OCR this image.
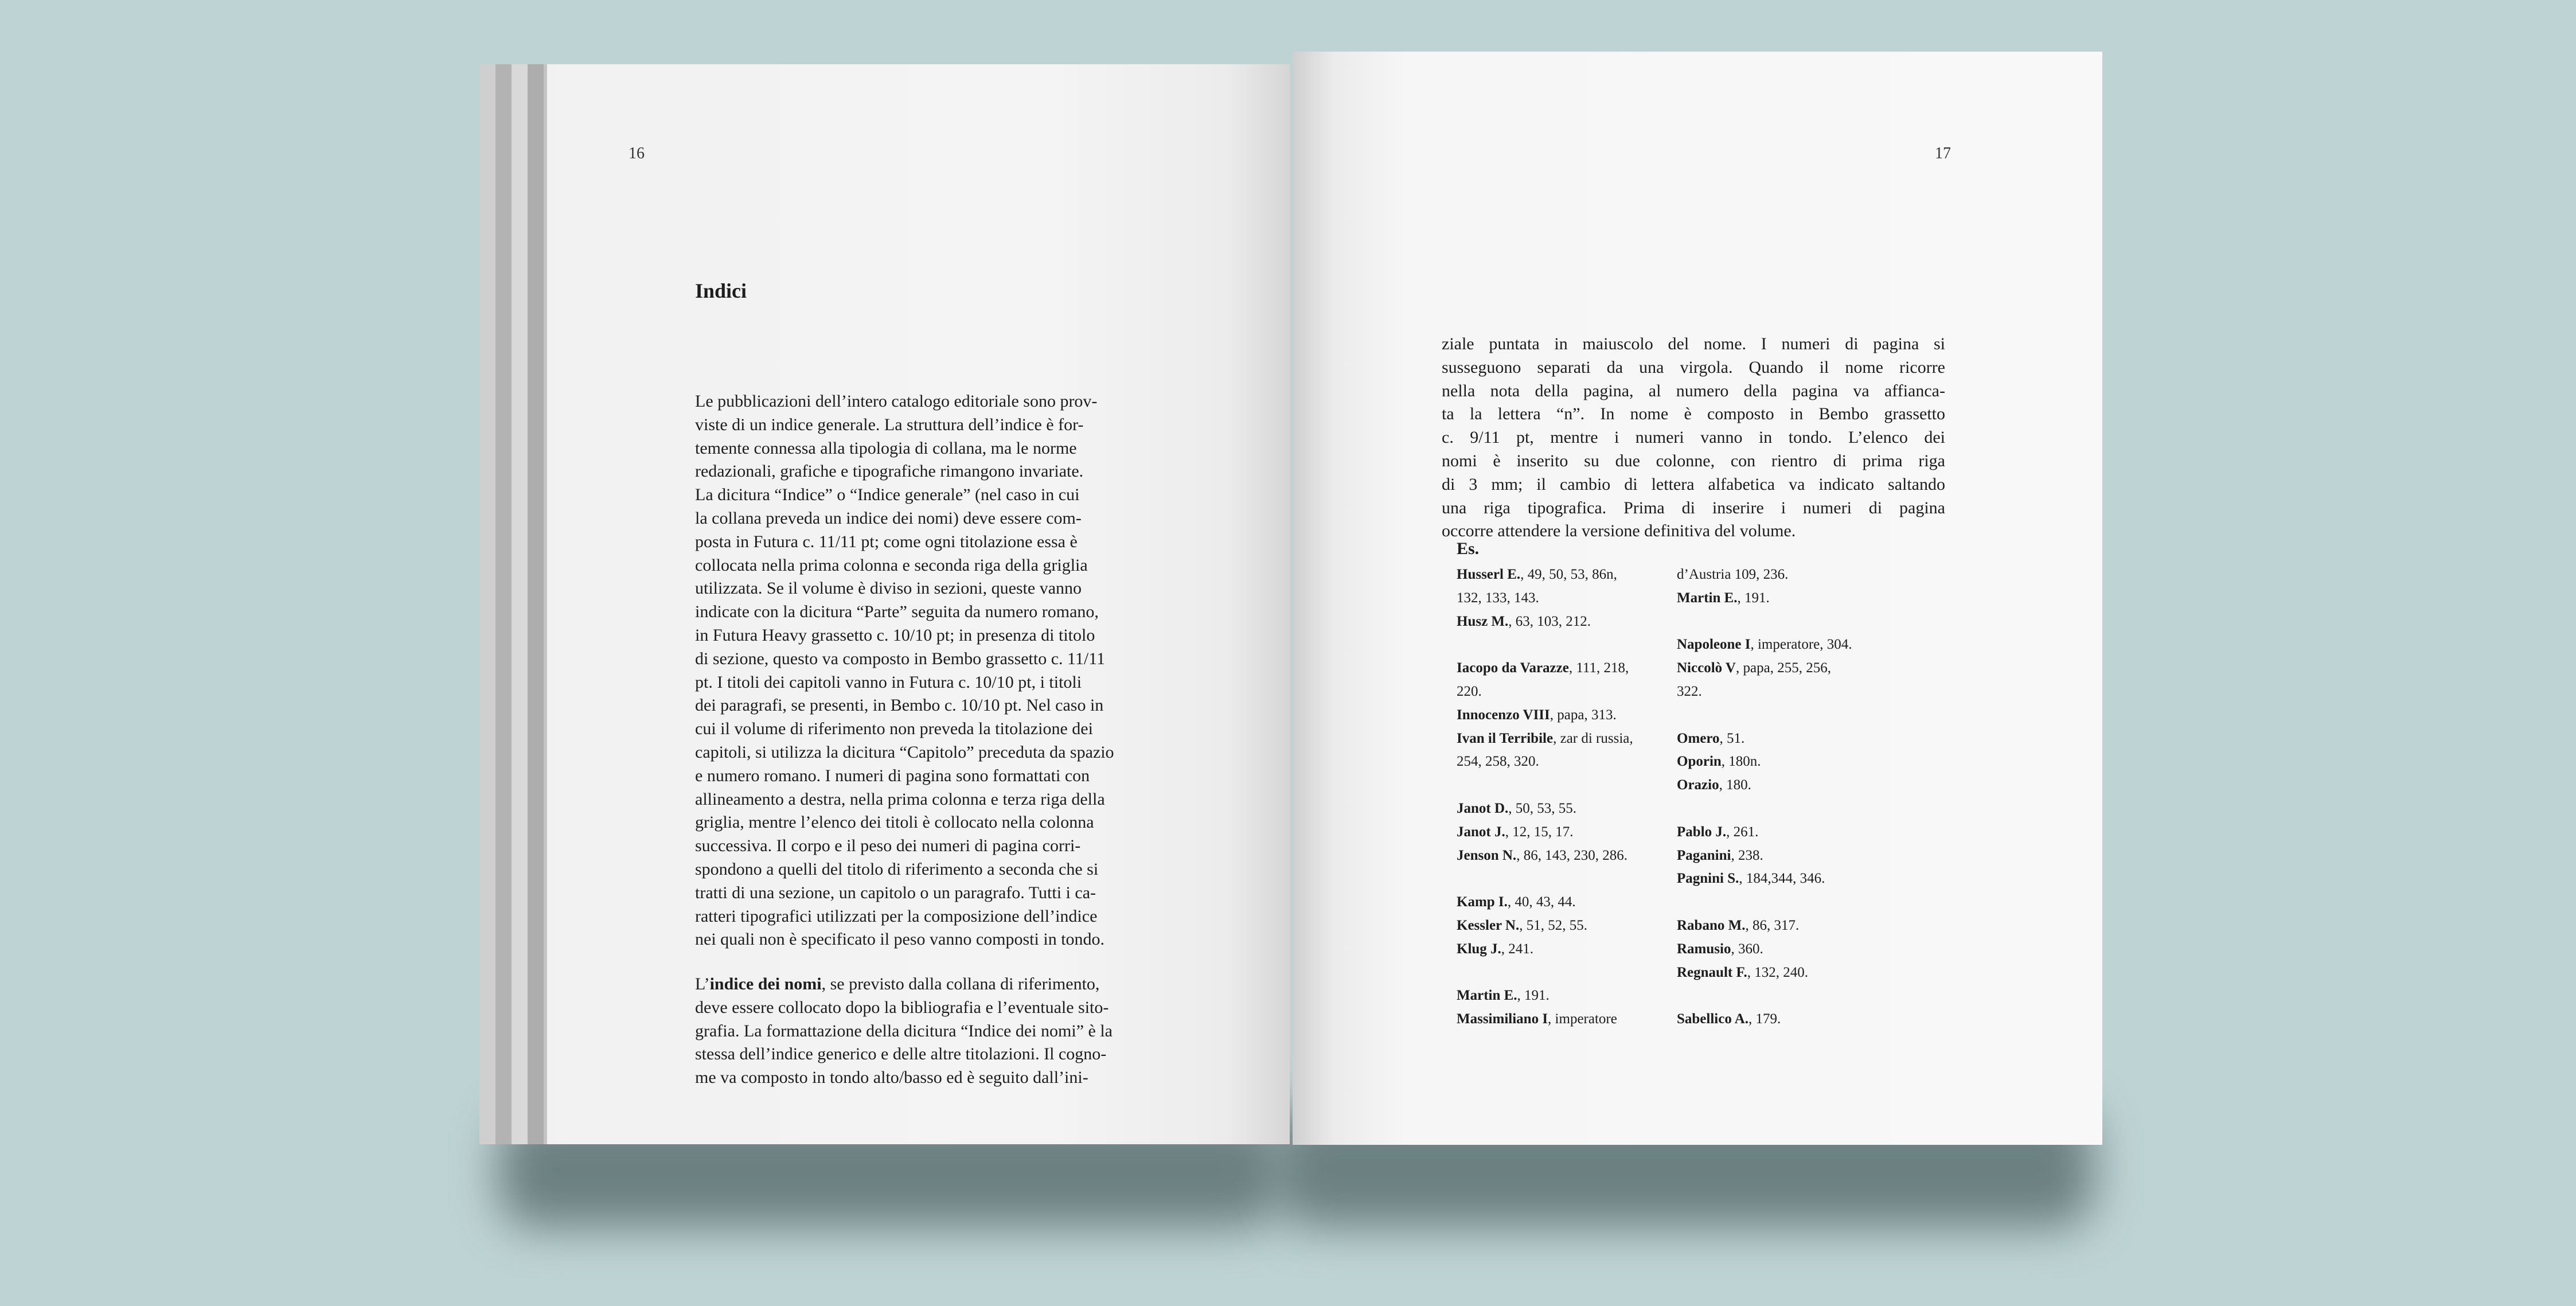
16
Indici
Le pubblicazioni dell’intero catalogo editoriale sono prov-
viste di un indice generale. La struttura dell’indice è for-
temente connessa alla tipologia di collana, ma le norme
redazionali, grafiche e tipografiche rimangono invariate.
La dicitura “Indice” o “Indice generale” (nel caso in cui
la collana preveda un indice dei nomi) deve essere com-
posta in Futura c. 11/11 pt; come ogni titolazione essa è
collocata nella prima colonna e seconda riga della griglia
utilizzata. Se il volume è diviso in sezioni, queste vanno
indicate con la dicitura “Parte” seguita da numero romano,
in Futura Heavy grassetto c. 10/10 pt; in presenza di titolo
di sezione, questo va composto in Bembo grassetto c. 11/11
pt. I titoli dei capitoli vanno in Futura c. 10/10 pt, i titoli
dei paragrafi, se presenti, in Bembo c. 10/10 pt. Nel caso in
cui il volume di riferimento non preveda la titolazione dei
capitoli, si utilizza la dicitura “Capitolo” preceduta da spazio
e numero romano. I numeri di pagina sono formattati con
allineamento a destra, nella prima colonna e terza riga della
griglia, mentre l’elenco dei titoli è collocato nella colonna
successiva. Il corpo e il peso dei numeri di pagina corri-
spondono a quelli del titolo di riferimento a seconda che si
tratti di una sezione, un capitolo o un paragrafo. Tutti i ca-
ratteri tipografici utilizzati per la composizione dell’indice
nei quali non è specificato il peso vanno composti in tondo.
L’indice dei nomi, se previsto dalla collana di riferimento,
deve essere collocato dopo la bibliografia e l’eventuale sito-
grafia. La formattazione della dicitura “Indice dei nomi” è la
stessa dell’indice generico e delle altre titolazioni. Il cogno-
me va composto in tondo alto/basso ed è seguito dall’ini-
17
ziale puntata in maiuscolo del nome. I numeri di pagina si
susseguono separati da una virgola. Quando il nome ricorre
nella nota della pagina, al numero della pagina va affianca-
ta la lettera “n”. In nome è composto in Bembo grassetto
c. 9/11 pt, mentre i numeri vanno in tondo. L’elenco dei
nomi è inserito su due colonne, con rientro di prima riga
di 3 mm; il cambio di lettera alfabetica va indicato saltando
una riga tipografica. Prima di inserire i numeri di pagina
occorre attendere la versione definitiva del volume.
Es.
Husserl E., 49, 50, 53, 86n,
132, 133, 143.
Husz M., 63, 103, 212.
Iacopo da Varazze, 111, 218,
220.
Innocenzo VIII, papa, 313.
Ivan il Terribile, zar di russia,
254, 258, 320.
Janot D., 50, 53, 55.
Janot J., 12, 15, 17.
Jenson N., 86, 143, 230, 286.
Kamp I., 40, 43, 44.
Kessler N., 51, 52, 55.
Klug J., 241.
Martin E., 191.
Massimiliano I, imperatore
d’Austria 109, 236.
Martin E., 191.
Napoleone I, imperatore, 304.
Niccolò V, papa, 255, 256,
322.
Omero, 51.
Oporin, 180n.
Orazio, 180.
Pablo J., 261.
Paganini, 238.
Pagnini S., 184,344, 346.
Rabano M., 86, 317.
Ramusio, 360.
Regnault F., 132, 240.
Sabellico A., 179.
